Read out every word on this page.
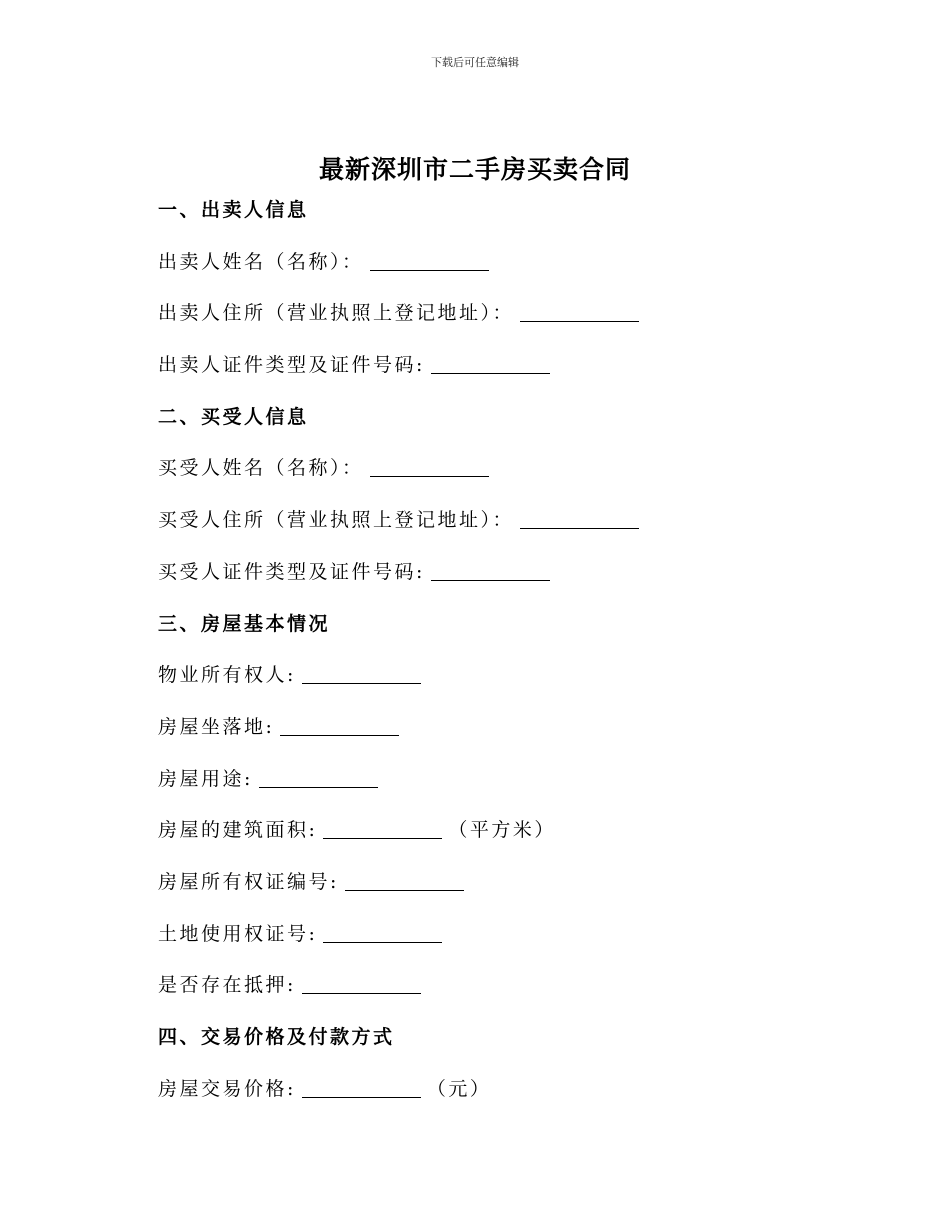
下载后可任意编辑
最新深圳市二手房买卖合同
一、出卖人信息
出卖人姓名（名称）：
出卖人住所（营业执照上登记地址）：
出卖人证件类型及证件号码:
二、买受人信息
买受人姓名（名称）：
买受人住所（营业执照上登记地址）：
买受人证件类型及证件号码:
三、房屋基本情况
物业所有权人:
房屋坐落地:
房屋用途:
房屋的建筑面积:	（平方米）
房屋所有权证编号:
土地使用权证号:
是否存在抵押:
四、交易价格及付款方式
房屋交易价格:	（元）
